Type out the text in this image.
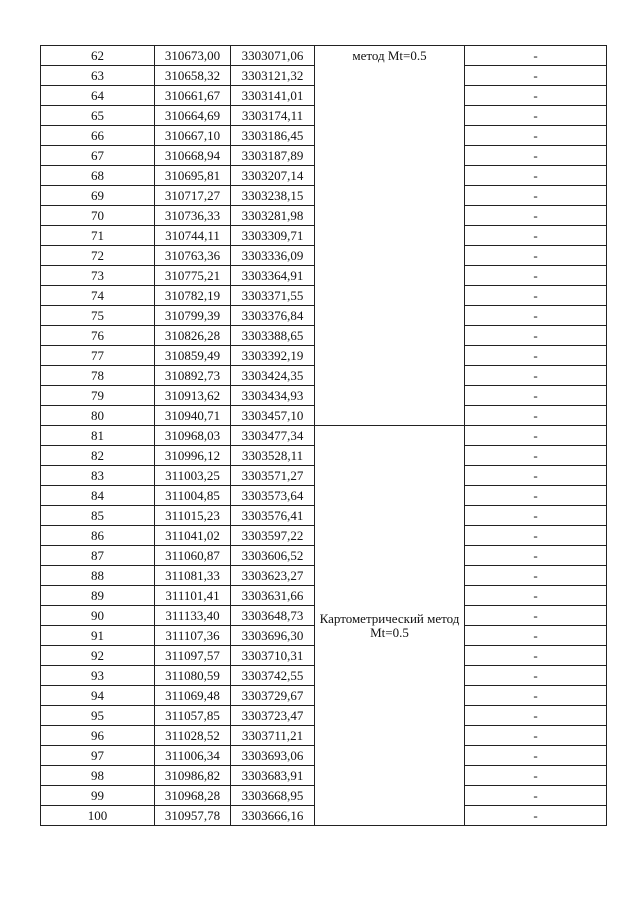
62	310673,00	3303071,06	метод Mt=0.5	-
63	310658,32	3303121,32		-
64	310661,67	3303141,01		-
65	310664,69	3303174,11		-
66	310667,10	3303186,45		-
67	310668,94	3303187,89		-
68	310695,81	3303207,14		-
69	310717,27	3303238,15		-
70	310736,33	3303281,98		-
71	310744,11	3303309,71		-
72	310763,36	3303336,09		-
73	310775,21	3303364,91		-
74	310782,19	3303371,55		-
75	310799,39	3303376,84		-
76	310826,28	3303388,65		-
77	310859,49	3303392,19		-
78	310892,73	3303424,35		-
79	310913,62	3303434,93		-
80	310940,71	3303457,10		-
81	310968,03	3303477,34	Картометрический метод Mt=0.5	-
82	310996,12	3303528,11		-
83	311003,25	3303571,27		-
84	311004,85	3303573,64		-
85	311015,23	3303576,41		-
86	311041,02	3303597,22		-
87	311060,87	3303606,52		-
88	311081,33	3303623,27		-
89	311101,41	3303631,66		-
90	311133,40	3303648,73		-
91	311107,36	3303696,30		-
92	311097,57	3303710,31		-
93	311080,59	3303742,55		-
94	311069,48	3303729,67		-
95	311057,85	3303723,47		-
96	311028,52	3303711,21		-
97	311006,34	3303693,06		-
98	310986,82	3303683,91		-
99	310968,28	3303668,95		-
100	310957,78	3303666,16		-
